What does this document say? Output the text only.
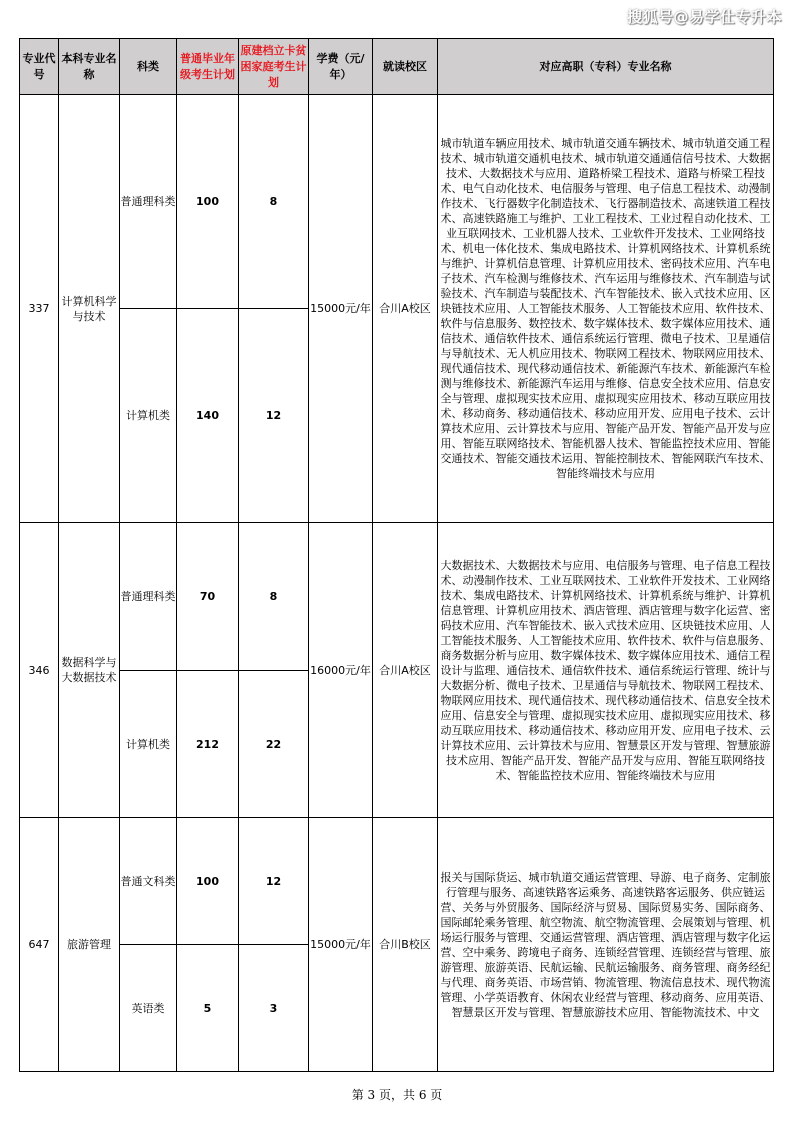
搜狐号@易学仕专升本
专业代号	本科专业名称	科类	普通毕业年级考生计划	原建档立卡贫困家庭考生计划	学费（元/年）	就读校区	对应高职（专科）专业名称
337	计算机科学与技术	普通理科类	100	8	15000元/年	合川A校区	城市轨道车辆应用技术、城市轨道交通车辆技术、城市轨道交通工程技术、城市轨道交通机电技术、城市轨道交通通信信号技术、大数据技术、大数据技术与应用、道路桥梁工程技术、道路与桥梁工程技术、电气自动化技术、电信服务与管理、电子信息工程技术、动漫制作技术、飞行器数字化制造技术、飞行器制造技术、高速铁道工程技术、高速铁路施工与维护、工业工程技术、工业过程自动化技术、工业互联网技术、工业机器人技术、工业软件开发技术、工业网络技术、机电一体化技术、集成电路技术、计算机网络技术、计算机系统与维护、计算机信息管理、计算机应用技术、密码技术应用、汽车电子技术、汽车检测与维修技术、汽车运用与维修技术、汽车制造与试验技术、汽车制造与装配技术、汽车智能技术、嵌入式技术应用、区块链技术应用、人工智能技术服务、人工智能技术应用、软件技术、软件与信息服务、数控技术、数字媒体技术、数字媒体应用技术、通信技术、通信软件技术、通信系统运行管理、微电子技术、卫星通信与导航技术、无人机应用技术、物联网工程技术、物联网应用技术、现代通信技术、现代移动通信技术、新能源汽车技术、新能源汽车检测与维修技术、新能源汽车运用与维修、信息安全技术应用、信息安全与管理、虚拟现实技术应用、虚拟现实应用技术、移动互联应用技术、移动商务、移动通信技术、移动应用开发、应用电子技术、云计算技术应用、云计算技术与应用、智能产品开发、智能产品开发与应用、智能互联网络技术、智能机器人技术、智能监控技术应用、智能交通技术、智能交通技术运用、智能控制技术、智能网联汽车技术、智能终端技术与应用
		计算机类	140	12			
346	数据科学与大数据技术	普通理科类	70	8	16000元/年	合川A校区	大数据技术、大数据技术与应用、电信服务与管理、电子信息工程技术、动漫制作技术、工业互联网技术、工业软件开发技术、工业网络技术、集成电路技术、计算机网络技术、计算机系统与维护、计算机信息管理、计算机应用技术、酒店管理、酒店管理与数字化运营、密码技术应用、汽车智能技术、嵌入式技术应用、区块链技术应用、人工智能技术服务、人工智能技术应用、软件技术、软件与信息服务、商务数据分析与应用、数字媒体技术、数字媒体应用技术、通信工程设计与监理、通信技术、通信软件技术、通信系统运行管理、统计与大数据分析、微电子技术、卫星通信与导航技术、物联网工程技术、物联网应用技术、现代通信技术、现代移动通信技术、信息安全技术应用、信息安全与管理、虚拟现实技术应用、虚拟现实应用技术、移动互联应用技术、移动通信技术、移动应用开发、应用电子技术、云计算技术应用、云计算技术与应用、智慧景区开发与管理、智慧旅游技术应用、智能产品开发、智能产品开发与应用、智能互联网络技术、智能监控技术应用、智能终端技术与应用
		计算机类	212	22			
647	旅游管理	普通文科类	100	12	15000元/年	合川B校区	报关与国际货运、城市轨道交通运营管理、导游、电子商务、定制旅行管理与服务、高速铁路客运乘务、高速铁路客运服务、供应链运营、关务与外贸服务、国际经济与贸易、国际贸易实务、国际商务、国际邮轮乘务管理、航空物流、航空物流管理、会展策划与管理、机场运行服务与管理、交通运营管理、酒店管理、酒店管理与数字化运营、空中乘务、跨境电子商务、连锁经营管理、连锁经营与管理、旅游管理、旅游英语、民航运输、民航运输服务、商务管理、商务经纪与代理、商务英语、市场营销、物流管理、物流信息技术、现代物流管理、小学英语教育、休闲农业经营与管理、移动商务、应用英语、智慧景区开发与管理、智慧旅游技术应用、智能物流技术、中文
		英语类	5	3			
第 3 页，共 6 页
